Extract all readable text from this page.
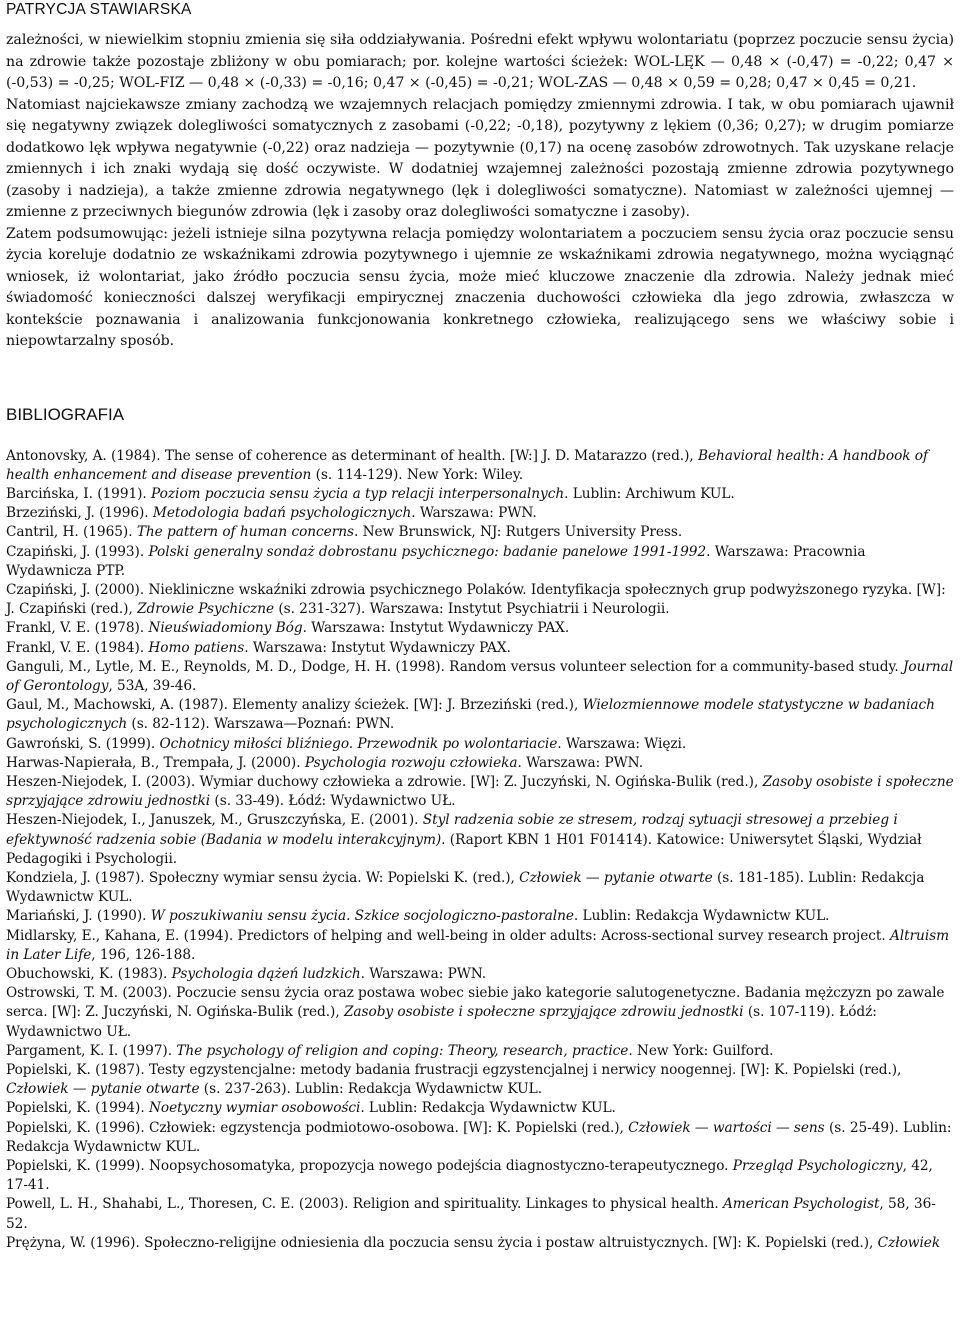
PATRYCJA STAWIARSKA

zależności, w niewielkim stopniu zmienia się siła oddziaływania. Pośredni efekt wpływu wolontariatu (poprzez poczucie sensu życia) na zdrowie także pozostaje zbliżony w obu pomiarach; por. kolejne wartości ścieżek: WOL-LĘK — 0,48 × (-0,47) = -0,22; 0,47 × (-0,53) = -0,25; WOL-FIZ — 0,48 × (-0,33) = -0,16; 0,47 × (-0,45) = -0,21; WOL-ZAS — 0,48 × 0,59 = 0,28; 0,47 × 0,45 = 0,21.

Natomiast najciekawsze zmiany zachodzą we wzajemnych relacjach pomiędzy zmiennymi zdrowia. I tak, w obu pomiarach ujawnił się negatywny związek dolegliwości somatycznych z zasobami (-0,22; -0,18), pozytywny z lękiem (0,36; 0,27); w drugim pomiarze dodatkowo lęk wpływa negatywnie (-0,22) oraz nadzieja — pozytywnie (0,17) na ocenę zasobów zdrowotnych. Tak uzyskane relacje zmiennych i ich znaki wydają się dość oczywiste. W dodatniej wzajemnej zależności pozostają zmienne zdrowia pozytywnego (zasoby i nadzieja), a także zmienne zdrowia negatywnego (lęk i dolegliwości somatyczne). Natomiast w zależności ujemnej — zmienne z przeciwnych biegunów zdrowia (lęk i zasoby oraz dolegliwości somatyczne i zasoby).

Zatem podsumowując: jeżeli istnieje silna pozytywna relacja pomiędzy wolontariatem a poczuciem sensu życia oraz poczucie sensu życia koreluje dodatnio ze wskaźnikami zdrowia pozytywnego i ujemnie ze wskaźnikami zdrowia negatywnego, można wyciągnąć wniosek, iż wolontariat, jako źródło poczucia sensu życia, może mieć kluczowe znaczenie dla zdrowia. Należy jednak mieć świadomość konieczności dalszej weryfikacji empirycznej znaczenia duchowości człowieka dla jego zdrowia, zwłaszcza w kontekście poznawania i analizowania funkcjonowania konkretnego człowieka, realizującego sens we właściwy sobie i niepowtarzalny sposób.

BIBLIOGRAFIA

Antonovsky, A. (1984). The sense of coherence as determinant of health. [W:] J. D. Matarazzo (red.), Behavioral health: A handbook of health enhancement and disease prevention (s. 114-129). New York: Wiley.

Barcińska, I. (1991). Poziom poczucia sensu życia a typ relacji interpersonalnych. Lublin: Archiwum KUL.

Brzeziński, J. (1996). Metodologia badań psychologicznych. Warszawa: PWN.

Cantril, H. (1965). The pattern of human concerns. New Brunswick, NJ: Rutgers University Press.

Czapiński, J. (1993). Polski generalny sondaż dobrostanu psychicznego: badanie panelowe 1991-1992. Warszawa: Pracownia Wydawnicza PTP.

Czapiński, J. (2000). Niekliniczne wskaźniki zdrowia psychicznego Polaków. Identyfikacja społecznych grup podwyższonego ryzyka. [W]: J. Czapiński (red.), Zdrowie Psychiczne (s. 231-327). Warszawa: Instytut Psychiatrii i Neurologii.

Frankl, V. E. (1978). Nieuświadomiony Bóg. Warszawa: Instytut Wydawniczy PAX.

Frankl, V. E. (1984). Homo patiens. Warszawa: Instytut Wydawniczy PAX.

Ganguli, M., Lytle, M. E., Reynolds, M. D., Dodge, H. H. (1998). Random versus volunteer selection for a community-based study. Journal of Gerontology, 53A, 39-46.

Gaul, M., Machowski, A. (1987). Elementy analizy ścieżek. [W]: J. Brzeziński (red.), Wielozmiennowe modele statystyczne w badaniach psychologicznych (s. 82-112). Warszawa—Poznań: PWN.

Gawroński, S. (1999). Ochotnicy miłości bliźniego. Przewodnik po wolontariacie. Warszawa: Więzi.

Harwas-Napierała, B., Trempała, J. (2000). Psychologia rozwoju człowieka. Warszawa: PWN.

Heszen-Niejodek, I. (2003). Wymiar duchowy człowieka a zdrowie. [W]: Z. Juczyński, N. Ogińska-Bulik (red.), Zasoby osobiste i społeczne sprzyjające zdrowiu jednostki (s. 33-49). Łódź: Wydawnictwo UŁ.

Heszen-Niejodek, I., Januszek, M., Gruszczyńska, E. (2001). Styl radzenia sobie ze stresem, rodzaj sytuacji stresowej a przebieg i efektywność radzenia sobie (Badania w modelu interakcyjnym). (Raport KBN 1 H01 F01414). Katowice: Uniwersytet Śląski, Wydział Pedagogiki i Psychologii.

Kondziela, J. (1987). Społeczny wymiar sensu życia. W: Popielski K. (red.), Człowiek — pytanie otwarte (s. 181-185). Lublin: Redakcja Wydawnictw KUL.

Mariański, J. (1990). W poszukiwaniu sensu życia. Szkice socjologiczno-pastoralne. Lublin: Redakcja Wydawnictw KUL.

Midlarsky, E., Kahana, E. (1994). Predictors of helping and well-being in older adults: Across-sectional survey research project. Altruism in Later Life, 196, 126-188.

Obuchowski, K. (1983). Psychologia dążeń ludzkich. Warszawa: PWN.

Ostrowski, T. M. (2003). Poczucie sensu życia oraz postawa wobec siebie jako kategorie salutogenetyczne. Badania mężczyzn po zawale serca. [W]: Z. Juczyński, N. Ogińska-Bulik (red.), Zasoby osobiste i społeczne sprzyjające zdrowiu jednostki (s. 107-119). Łódź: Wydawnictwo UŁ.

Pargament, K. I. (1997). The psychology of religion and coping: Theory, research, practice. New York: Guilford.

Popielski, K. (1987). Testy egzystencjalne: metody badania frustracji egzystencjalnej i nerwicy noogennej. [W]: K. Popielski (red.), Człowiek — pytanie otwarte (s. 237-263). Lublin: Redakcja Wydawnictw KUL.

Popielski, K. (1994). Noetyczny wymiar osobowości. Lublin: Redakcja Wydawnictw KUL.

Popielski, K. (1996). Człowiek: egzystencja podmiotowo-osobowa. [W]: K. Popielski (red.), Człowiek — wartości — sens (s. 25-49). Lublin: Redakcja Wydawnictw KUL.

Popielski, K. (1999). Noopsychosomatyka, propozycja nowego podejścia diagnostyczno-terapeutycznego. Przegląd Psychologiczny, 42, 17-41.

Powell, L. H., Shahabi, L., Thoresen, C. E. (2003). Religion and spirituality. Linkages to physical health. American Psychologist, 58, 36-52.

Prężyna, W. (1996). Społeczno-religijne odniesienia dla poczucia sensu życia i postaw altruistycznych. [W]: K. Popielski (red.), Człowiek
